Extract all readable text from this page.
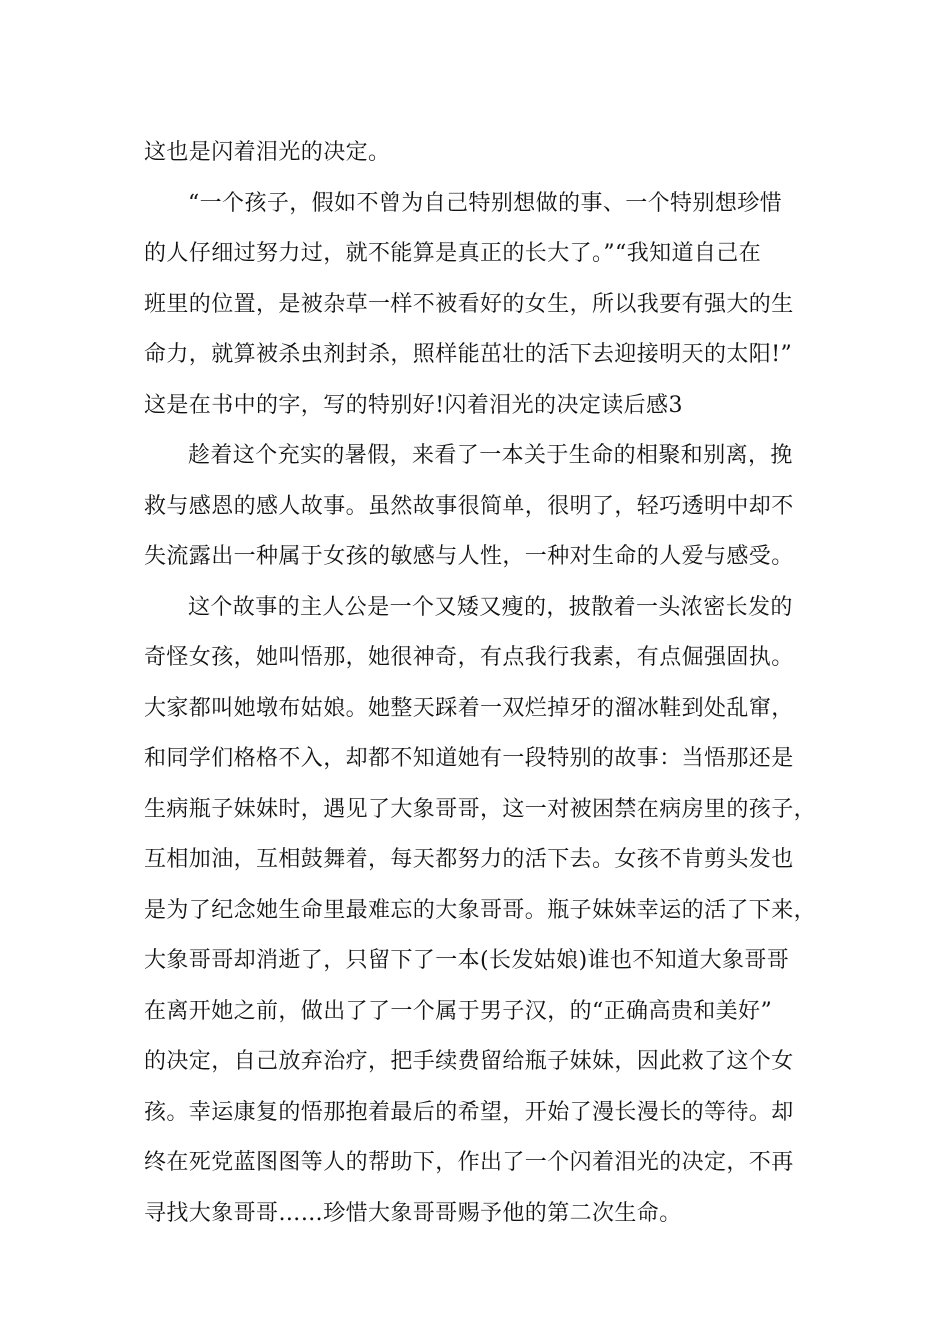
这也是闪着泪光的决定。
“一个孩子，假如不曾为自己特别想做的事、一个特别想珍惜
的人仔细过努力过，就不能算是真正的长大了。”“我知道自己在
班里的位置，是被杂草一样不被看好的女生，所以我要有强大的生
命力，就算被杀虫剂封杀，照样能茁壮的活下去迎接明天的太阳!”
这是在书中的字，写的特别好!闪着泪光的决定读后感3
趁着这个充实的暑假，来看了一本关于生命的相聚和别离，挽
救与感恩的感人故事。虽然故事很简单，很明了，轻巧透明中却不
失流露出一种属于女孩的敏感与人性，一种对生命的人爱与感受。
这个故事的主人公是一个又矮又瘦的，披散着一头浓密长发的
奇怪女孩，她叫悟那，她很神奇，有点我行我素，有点倔强固执。
大家都叫她墩布姑娘。她整天踩着一双烂掉牙的溜冰鞋到处乱窜，
和同学们格格不入，却都不知道她有一段特别的故事：当悟那还是
生病瓶子妹妹时，遇见了大象哥哥，这一对被困禁在病房里的孩子，
互相加油，互相鼓舞着，每天都努力的活下去。女孩不肯剪头发也
是为了纪念她生命里最难忘的大象哥哥。瓶子妹妹幸运的活了下来，
大象哥哥却消逝了，只留下了一本(长发姑娘)谁也不知道大象哥哥
在离开她之前，做出了了一个属于男子汉，的“正确高贵和美好”
的决定，自己放弃治疗，把手续费留给瓶子妹妹，因此救了这个女
孩。幸运康复的悟那抱着最后的希望，开始了漫长漫长的等待。却
终在死党蓝图图等人的帮助下，作出了一个闪着泪光的决定，不再
寻找大象哥哥……珍惜大象哥哥赐予他的第二次生命。
